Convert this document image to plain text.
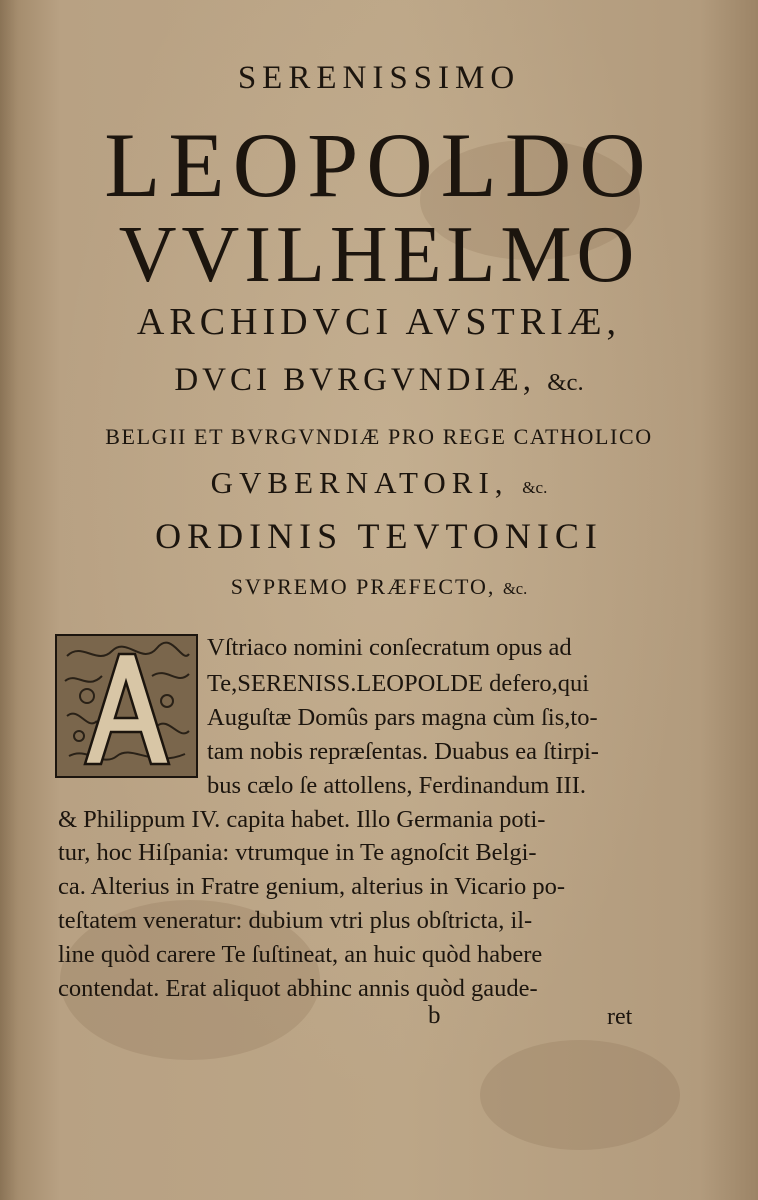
SERENISSIMO
LEOPOLDO
VVILHELMO
ARCHIDVCI AVSTRIÆ,
DVCI BVRGVNDIÆ, &c.
BELGII ET BVRGVNDIÆ PRO REGE CATHOLICO
GVBERNATORI, &c.
ORDINIS TEVTONICI
SVPREMO PRÆFECTO, &c.
Vſtriaco nomini conſecratum opus ad
Te,SERENISS.LEOPOLDE defero,qui
Auguſtæ Domûs pars magna cùm ſis,to-
tam nobis repræſentas. Duabus ea ſtirpi-
bus cælo ſe attollens, Ferdinandum III.
& Philippum IV. capita habet. Illo Germania poti-
tur, hoc Hiſpania: vtrumque in Te agnoſcit Belgi-
ca. Alterius in Fratre genium, alterius in Vicario po-
teſtatem veneratur: dubium vtri plus obſtricta, il-
line quòd carere Te ſuſtineat, an huic quòd habere
contendat. Erat aliquot abhinc annis quòd gaude-
b	ret
